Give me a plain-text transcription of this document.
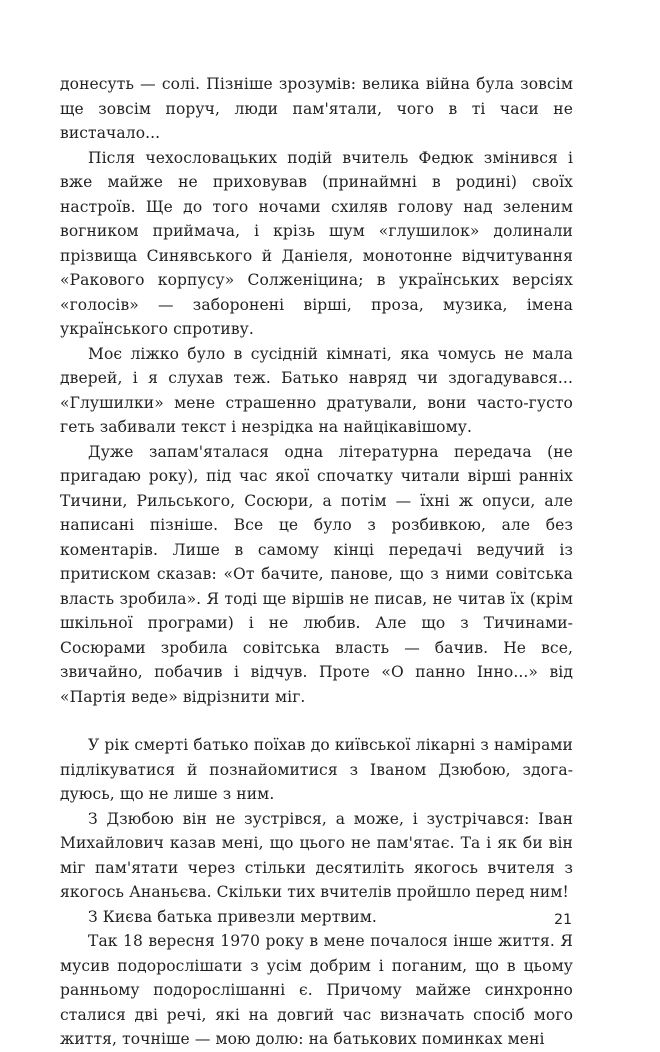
донесуть — солі. Пізніше зрозумів: велика війна була зовсім ще зовсім поруч, люди пам'ятали, чого в ті часи не вистачало...

Після чехословацьких подій вчитель Федюк змінився і вже майже не приховував (принаймні в родині) своїх настроїв. Ще до того ночами схиляв голову над зеленим вогником приймача, і крізь шум «глушилок» долинали прізвища Синявського й Даніеля, монотонне відчитування «Ракового корпусу» Солженіцина; в українських версіях «голосів» — заборонені вірші, проза, музика, імена українського спротиву.

Моє ліжко було в сусідній кімнаті, яка чомусь не мала дверей, і я слухав теж. Батько навряд чи здогадувався... «Глушилки» мене страшенно дратували, вони часто-густо геть забивали текст і незрідка на найцікавішому.

Дуже запам'яталася одна літературна передача (не пригадаю року), під час якої спочатку читали вірші ранніх Тичини, Рильського, Сосюри, а потім — їхні ж опуси, але написані пізніше. Все це було з розбивкою, але без коментарів. Лише в самому кінці передачі ведучий із притиском сказав: «От бачите, панове, що з ними совітська власть зробила». Я тоді ще віршів не писав, не читав їх (крім шкільної програми) і не любив. Але що з Тичинами-Сосюрами зробила совітська власть — бачив. Не все, звичайно, побачив і відчув. Проте «О панно Інно...» від «Партія веде» відрізнити міг.

У рік смерті батько поїхав до київської лікарні з намірами підлікуватися й познайомитися з Іваном Дзюбою, здогадуюсь, що не лише з ним.

З Дзюбою він не зустрівся, а може, і зустрічався: Іван Михайлович казав мені, що цього не пам'ятає. Та і як би він міг пам'ятати через стільки десятиліть якогось вчителя з якогось Ананьєва. Скільки тих вчителів пройшло перед ним!

З Києва батька привезли мертвим.

Так 18 вересня 1970 року в мене почалося інше життя. Я мусив подорослішати з усім добрим і поганим, що в цьому ранньому подорослішанні є. Причому майже синхронно сталися дві речі, які на довгий час визначать спосіб мого життя, точніше — мою долю: на батькових поминках мені

21
